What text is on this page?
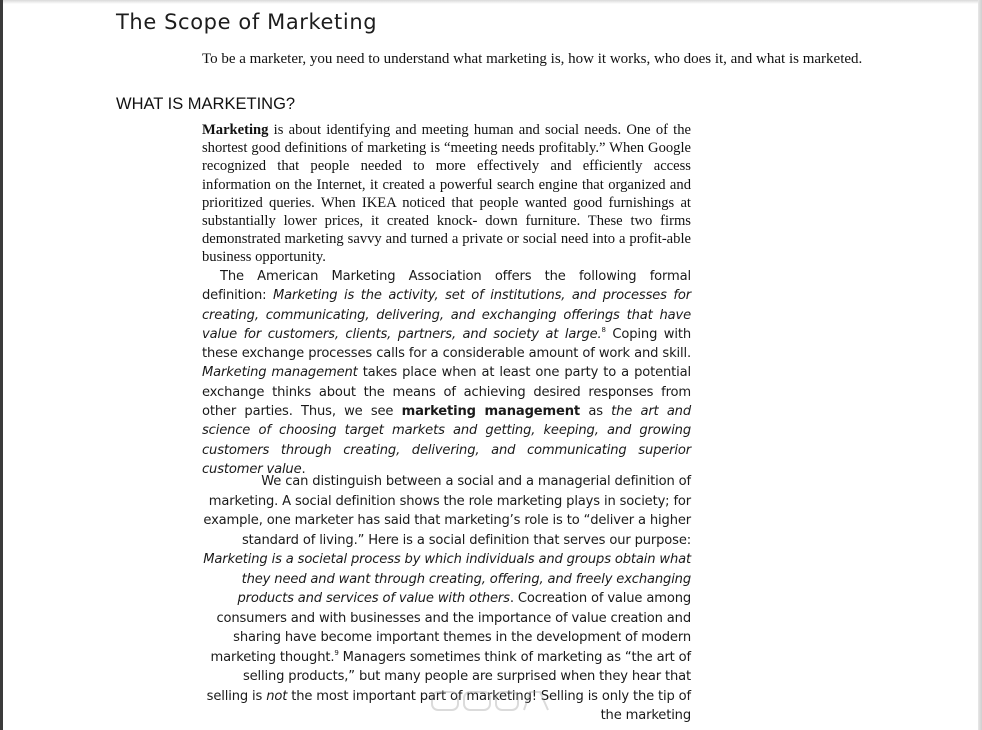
The Scope of Marketing

To be a marketer, you need to understand what marketing is, how it works, who does it, and what is marketed.

WHAT IS MARKETING?

Marketing is about identifying and meeting human and social needs. One of the shortest good definitions of marketing is “meeting needs profitably.” When Google recognized that people needed to more effectively and efficiently access information on the Internet, it created a powerful search engine that organized and prioritized queries. When IKEA noticed that people wanted good furnishings at substantially lower prices, it created knock- down furniture. These two firms demonstrated marketing savvy and turned a private or social need into a profit-able business opportunity.

The American Marketing Association offers the following formal definition: Marketing is the activity, set of institutions, and processes for creating, communicating, delivering, and exchanging offerings that have value for customers, clients, partners, and society at large.$^8$ Coping with these exchange processes calls for a considerable amount of work and skill. Marketing management takes place when at least one party to a potential exchange thinks about the means of achieving desired responses from other parties. Thus, we see marketing management as the art and science of choosing target markets and getting, keeping, and growing customers through creating, delivering, and communicating superior customer value.

We can distinguish between a social and a managerial definition of marketing. A social definition shows the role marketing plays in society; for example, one marketer has said that marketing’s role is to “deliver a higher standard of living.” Here is a social definition that serves our purpose: Marketing is a societal process by which individuals and groups obtain what they need and want through creating, offering, and freely exchanging products and services of value with others. Cocreation of value among consumers and with businesses and the importance of value creation and sharing have become important themes in the development of modern marketing thought.$^9$ Managers sometimes think of marketing as “the art of selling products,” but many people are surprised when they hear that selling is not the most important part of marketing! Selling is only the tip of the marketing
